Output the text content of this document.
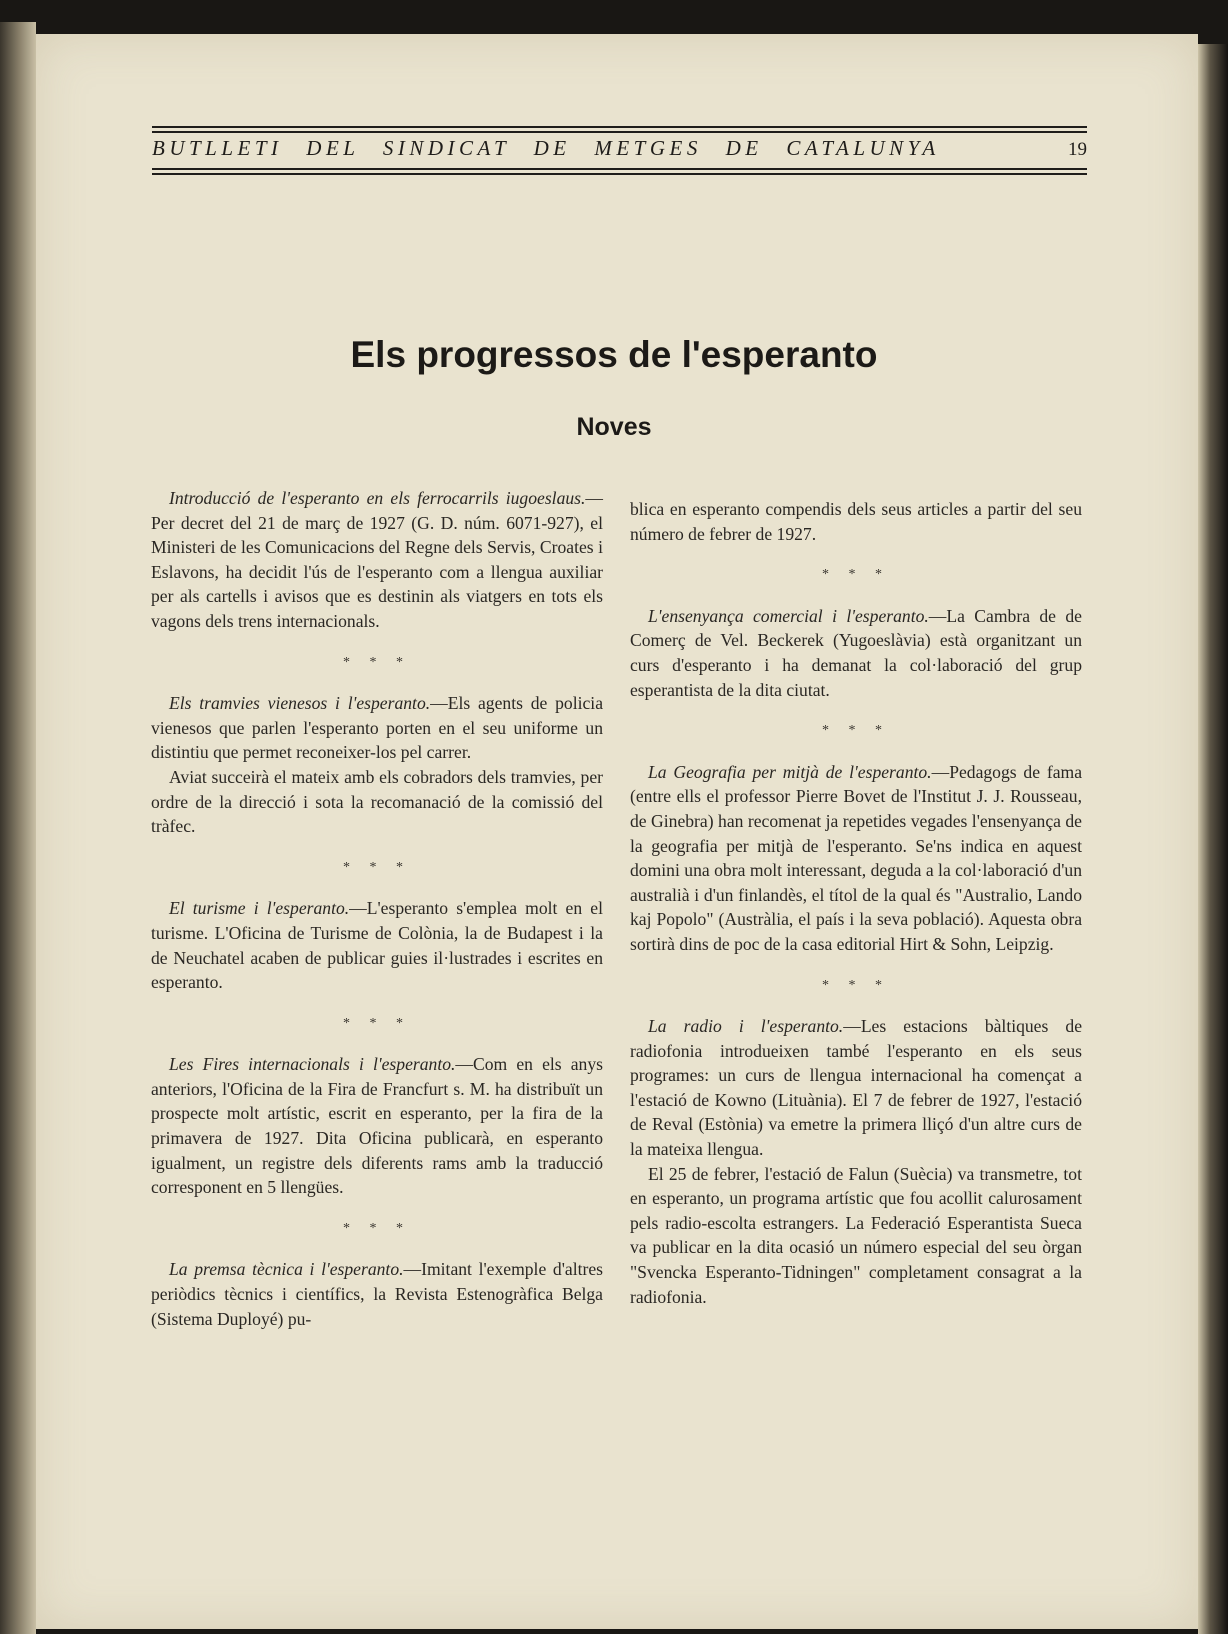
BUTLLETI DEL SINDICAT DE METGES DE CATALUNYA	19
Els progressos de l'esperanto
Noves

Introducció de l'esperanto en els ferrocarrils iugoeslaus.—Per decret del 21 de març de 1927 (G. D. núm. 6071-927), el Ministeri de les Comunicacions del Regne dels Servis, Croates i Eslavons, ha decidit l'ús de l'esperanto com a llengua auxiliar per als cartells i avisos que es destinin als viatgers en tots els vagons dels trens internacionals.

* * *

Els tramvies vienesos i l'esperanto.—Els agents de policia vienesos que parlen l'esperanto porten en el seu uniforme un distintiu que permet reconeixer-los pel carrer.

Aviat succeirà el mateix amb els cobradors dels tramvies, per ordre de la direcció i sota la recomanació de la comissió del tràfec.

* * *

El turisme i l'esperanto.—L'esperanto s'emplea molt en el turisme. L'Oficina de Turisme de Colònia, la de Budapest i la de Neuchatel acaben de publicar guies il·lustrades i escrites en esperanto.

* * *

Les Fires internacionals i l'esperanto.—Com en els anys anteriors, l'Oficina de la Fira de Francfurt s. M. ha distribuït un prospecte molt artístic, escrit en esperanto, per la fira de la primavera de 1927. Dita Oficina publicarà, en esperanto igualment, un registre dels diferents rams amb la traducció corresponent en 5 llengües.

* * *

La premsa tècnica i l'esperanto.—Imitant l'exemple d'altres periòdics tècnics i científics, la Revista Estenogràfica Belga (Sistema Duployé) pu-

blica en esperanto compendis dels seus articles a partir del seu número de febrer de 1927.

* * *

L'ensenyança comercial i l'esperanto.—La Cambra de de Comerç de Vel. Beckerek (Yugoeslàvia) està organitzant un curs d'esperanto i ha demanat la col·laboració del grup esperantista de la dita ciutat.

* * *

La Geografia per mitjà de l'esperanto.—Pedagogs de fama (entre ells el professor Pierre Bovet de l'Institut J. J. Rousseau, de Ginebra) han recomenat ja repetides vegades l'ensenyança de la geografia per mitjà de l'esperanto. Se'ns indica en aquest domini una obra molt interessant, deguda a la col·laboració d'un australià i d'un finlandès, el títol de la qual és "Australio, Lando kaj Popolo" (Austràlia, el país i la seva població). Aquesta obra sortirà dins de poc de la casa editorial Hirt & Sohn, Leipzig.

* * *

La radio i l'esperanto.—Les estacions bàltiques de radiofonia introdueixen també l'esperanto en els seus programes: un curs de llengua internacional ha començat a l'estació de Kowno (Lituània). El 7 de febrer de 1927, l'estació de Reval (Estònia) va emetre la primera lliçó d'un altre curs de la mateixa llengua.

El 25 de febrer, l'estació de Falun (Suècia) va transmetre, tot en esperanto, un programa artístic que fou acollit calurosament pels radio-escolta estrangers. La Federació Esperantista Sueca va publicar en la dita ocasió un número especial del seu òrgan "Svencka Esperanto-Tidningen" completament consagrat a la radiofonia.
